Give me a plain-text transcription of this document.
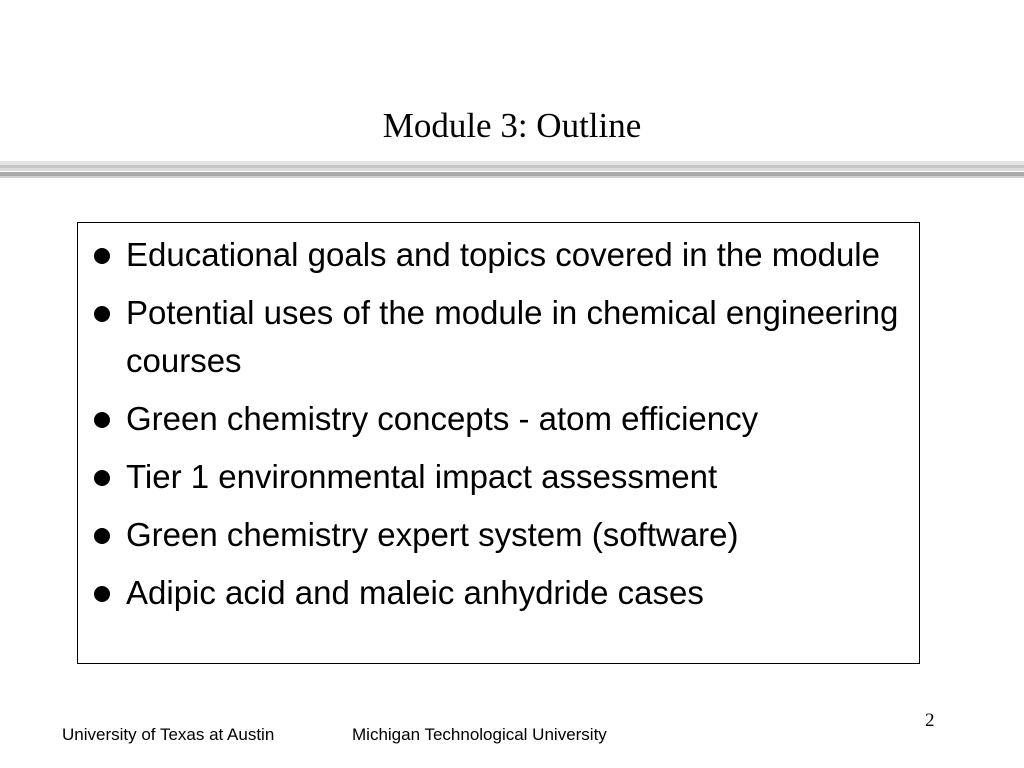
Module 3: Outline
Educational goals and topics covered in the module
Potential uses of the module in chemical engineering courses
Green chemistry concepts - atom efficiency
Tier 1 environmental impact assessment
Green chemistry expert system (software)
Adipic acid and maleic anhydride cases
2
University of Texas at Austin	Michigan Technological University
